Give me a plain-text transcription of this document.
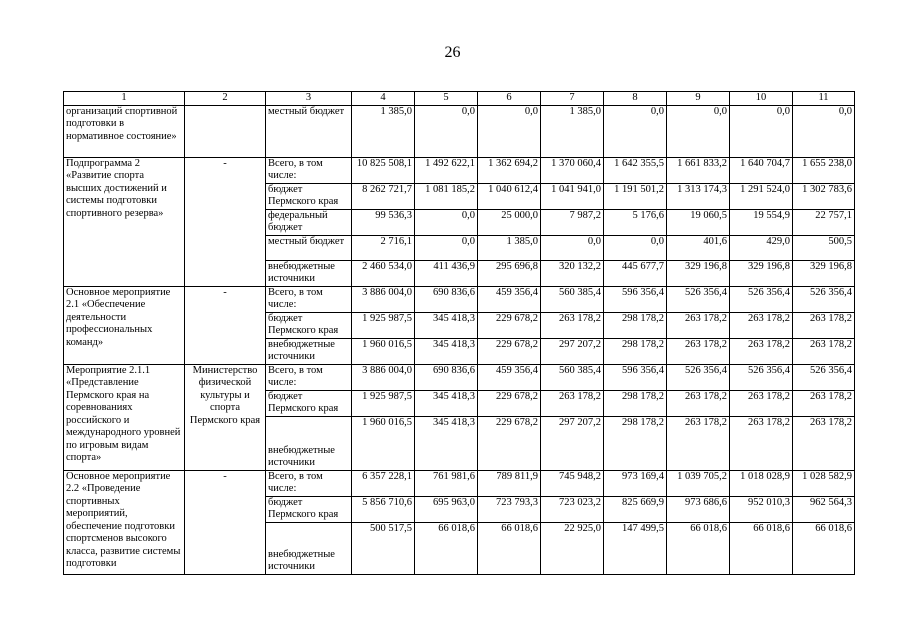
26
1	2	3	4	5	6	7	8	9	10	11
организаций спортивной подготовки в нормативное состояние»		местный бюджет	1 385,0	0,0	0,0	1 385,0	0,0	0,0	0,0	0,0
Подпрограмма 2 «Развитие спорта высших достижений и системы подготовки спортивного резерва»	-	Всего, в том числе:	10 825 508,1	1 492 622,1	1 362 694,2	1 370 060,4	1 642 355,5	1 661 833,2	1 640 704,7	1 655 238,0
		бюджет Пермского края	8 262 721,7	1 081 185,2	1 040 612,4	1 041 941,0	1 191 501,2	1 313 174,3	1 291 524,0	1 302 783,6
		федеральный бюджет	99 536,3	0,0	25 000,0	7 987,2	5 176,6	19 060,5	19 554,9	22 757,1
		местный бюджет	2 716,1	0,0	1 385,0	0,0	0,0	401,6	429,0	500,5
		внебюджетные источники	2 460 534,0	411 436,9	295 696,8	320 132,2	445 677,7	329 196,8	329 196,8	329 196,8
Основное мероприятие 2.1 «Обеспечение деятельности профессиональных команд»	-	Всего, в том числе:	3 886 004,0	690 836,6	459 356,4	560 385,4	596 356,4	526 356,4	526 356,4	526 356,4
		бюджет Пермского края	1 925 987,5	345 418,3	229 678,2	263 178,2	298 178,2	263 178,2	263 178,2	263 178,2
		внебюджетные источники	1 960 016,5	345 418,3	229 678,2	297 207,2	298 178,2	263 178,2	263 178,2	263 178,2
Мероприятие 2.1.1 «Представление Пермского края на соревнованиях российского и международного уровней по игровым видам спорта»	Министерство физической культуры и спорта Пермского края	Всего, в том числе:	3 886 004,0	690 836,6	459 356,4	560 385,4	596 356,4	526 356,4	526 356,4	526 356,4
		бюджет Пермского края	1 925 987,5	345 418,3	229 678,2	263 178,2	298 178,2	263 178,2	263 178,2	263 178,2
		внебюджетные источники	1 960 016,5	345 418,3	229 678,2	297 207,2	298 178,2	263 178,2	263 178,2	263 178,2
Основное мероприятие 2.2 «Проведение спортивных мероприятий, обеспечение подготовки спортсменов высокого класса, развитие системы подготовки	-	Всего, в том числе:	6 357 228,1	761 981,6	789 811,9	745 948,2	973 169,4	1 039 705,2	1 018 028,9	1 028 582,9
		бюджет Пермского края	5 856 710,6	695 963,0	723 793,3	723 023,2	825 669,9	973 686,6	952 010,3	962 564,3
		внебюджетные источники	500 517,5	66 018,6	66 018,6	22 925,0	147 499,5	66 018,6	66 018,6	66 018,6
